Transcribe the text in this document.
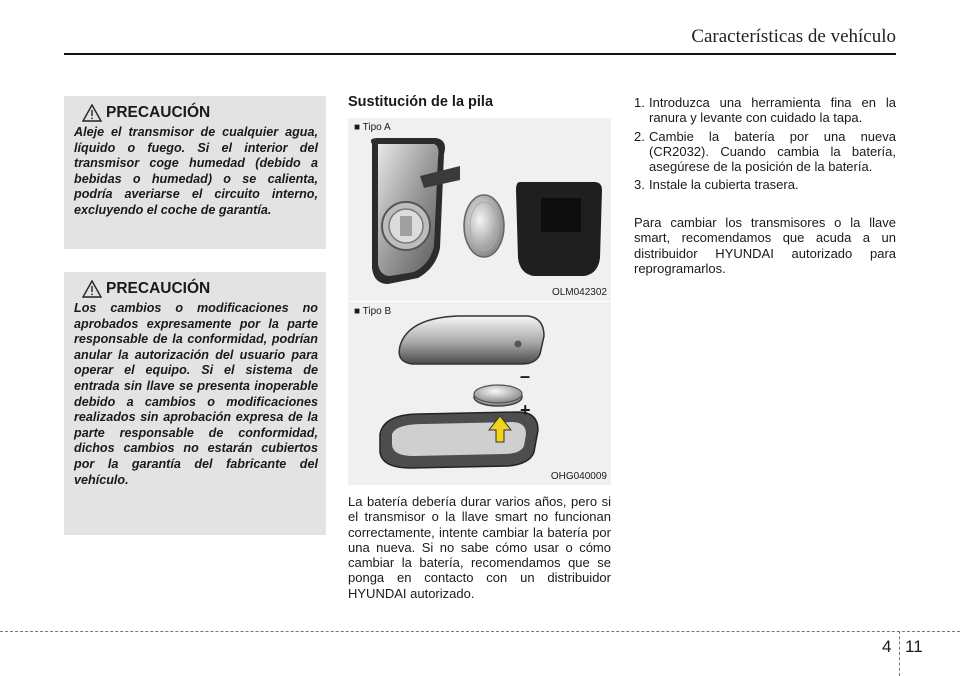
Características de vehículo
PRECAUCIÓN

Aleje el transmisor de cualquier agua, líquido o fuego. Si el interior del transmisor coge humedad (debido a bebidas o humedad) o se calienta, podría averiarse el circuito interno, excluyendo el coche de garantía.

PRECAUCIÓN

Los cambios o modificaciones no aprobados expresamente por la parte responsable de la conformidad, podrían anular la autorización del usuario para operar el equipo. Si el sistema de entrada sin llave se presenta inoperable debido a cambios o modificaciones realizados sin aprobación expresa de la parte responsable de conformidad, dichos cambios no estarán cubiertos por la garantía del fabricante del vehículo.

Sustitución de la pila
■ Tipo A
OLM042302
–
+
■ Tipo B
OHG040009

La batería debería durar varios años, pero si el transmisor o la llave smart no funcionan correctamente, intente cambiar la batería por una nueva. Si no sabe cómo usar o cómo cambiar la batería, recomendamos que se ponga en contacto con un distribuidor HYUNDAI autorizado.

1. Introduzca una herramienta fina en la ranura y levante con cuidado la tapa.
2. Cambie la batería por una nueva (CR2032). Cuando cambia la batería, asegúrese de la posición de la batería.
3. Instale la cubierta trasera.

Para cambiar los transmisores o la llave smart, recomendamos que acuda a un distribuidor HYUNDAI autorizado para reprogramarlos.

4 11
